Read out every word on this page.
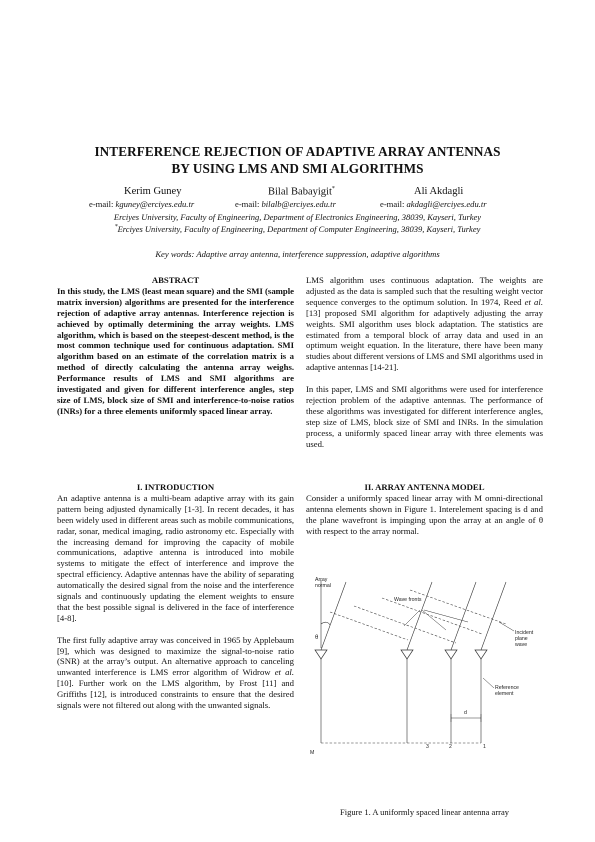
INTERFERENCE REJECTION OF ADAPTIVE ARRAY ANTENNAS
BY USING LMS AND SMI ALGORITHMS
Kerim Guney	Bilal Babayigit*	Ali Akdagli
e-mail: kguney@erciyes.edu.tr	e-mail: bilalb@erciyes.edu.tr	e-mail: akdagli@erciyes.edu.tr
Erciyes University, Faculty of Engineering, Department of Electronics Engineering, 38039, Kayseri, Turkey
*Erciyes University, Faculty of Engineering, Department of Computer Engineering, 38039, Kayseri, Turkey
Key words: Adaptive array antenna, interference suppression, adaptive algorithms

ABSTRACT

In this study, the LMS (least mean square) and the SMI (sample matrix inversion) algorithms are presented for the interference rejection of adaptive array antennas. Interference rejection is achieved by optimally determining the array weights. LMS algorithm, which is based on the steepest-descent method, is the most common technique used for continuous adaptation. SMI algorithm based on an estimate of the correlation matrix is a method of directly calculating the antenna array weighs. Performance results of LMS and SMI algorithms are investigated and given for different interference angles, step size of LMS, block size of SMI and interference-to-noise ratios (INRs) for a three elements uniformly spaced linear array.

I. INTRODUCTION

An adaptive antenna is a multi-beam adaptive array with its gain pattern being adjusted dynamically [1-3]. In recent decades, it has been widely used in different areas such as mobile communications, radar, sonar, medical imaging, radio astronomy etc. Especially with the increasing demand for improving the capacity of mobile communications, adaptive antenna is introduced into mobile systems to mitigate the effect of interference and improve the spectral efficiency. Adaptive antennas have the ability of separating automatically the desired signal from the noise and the interference signals and continuously updating the element weights to ensure that the best possible signal is delivered in the face of interference [4-8].

The first fully adaptive array was conceived in 1965 by Applebaum [9], which was designed to maximize the signal-to-noise ratio (SNR) at the array’s output. An alternative approach to canceling unwanted interference is LMS error algorithm of Widrow et al. [10]. Further work on the LMS algorithm, by Frost [11] and Griffiths [12], is introduced constraints to ensure that the desired signals were not filtered out along with the unwanted signals.

LMS algorithm uses continuous adaptation. The weights are adjusted as the data is sampled such that the resulting weight vector sequence converges to the optimum solution. In 1974, Reed et al. [13] proposed SMI algorithm for adaptively adjusting the array weights. SMI algorithm uses block adaptation. The statistics are estimated from a temporal block of array data and used in an optimum weight equation. In the literature, there have been many studies about different versions of LMS and SMI algorithms used in adaptive antennas [14-21].

In this paper, LMS and SMI algorithms were used for interference rejection problem of the adaptive antennas. The performance of these algorithms was investigated for different interference angles, step size of LMS, block size of SMI and INRs. In the simulation process, a uniformly spaced linear array with three elements was used.

II. ARRAY ANTENNA MODEL

Consider a uniformly spaced linear array with M omni-directional antenna elements shown in Figure 1. Interelement spacing is d and the plane wavefront is impinging upon the array at an angle of θ with respect to the array normal.

Array
normal
Wave fronts
θ
Incident
plane
wave
Reference
element
d
M
3	2	1
Figure 1. A uniformly spaced linear antenna array
